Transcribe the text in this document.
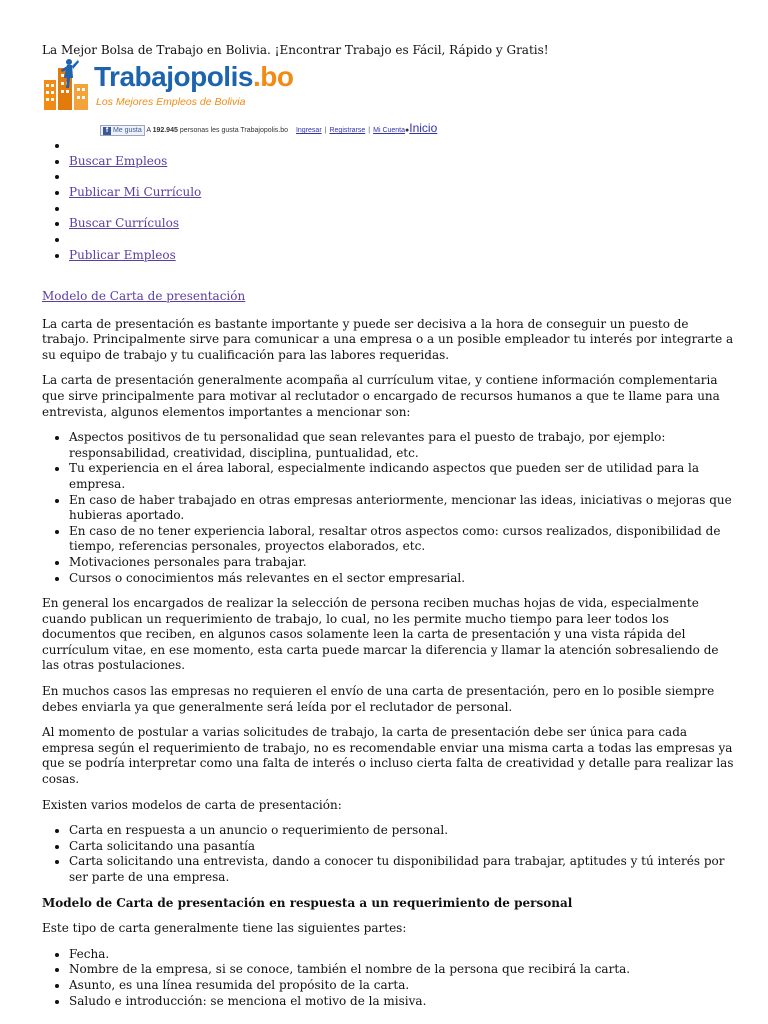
La Mejor Bolsa de Trabajo en Bolivia. ¡Encontrar Trabajo es Fácil, Rápido y Gratis!
Trabajopolis.bo
Los Mejores Empleos de Bolivia
f Me gusta A 192.945 personas les gusta Trabajopolis.bo Ingresar | Registrarse | Mi Cuenta●Inicio
•
• Buscar Empleos
•
• Publicar Mi Currículo
•
• Buscar Currículos
•
• Publicar Empleos
Modelo de Carta de presentación

La carta de presentación es bastante importante y puede ser decisiva a la hora de conseguir un puesto de trabajo. Principalmente sirve para comunicar a una empresa o a un posible empleador tu interés por integrarte a su equipo de trabajo y tu cualificación para las labores requeridas.

La carta de presentación generalmente acompaña al currículum vitae, y contiene información complementaria que sirve principalmente para motivar al reclutador o encargado de recursos humanos a que te llame para una entrevista, algunos elementos importantes a mencionar son:

• Aspectos positivos de tu personalidad que sean relevantes para el puesto de trabajo, por ejemplo: responsabilidad, creatividad, disciplina, puntualidad, etc.
• Tu experiencia en el área laboral, especialmente indicando aspectos que pueden ser de utilidad para la empresa.
• En caso de haber trabajado en otras empresas anteriormente, mencionar las ideas, iniciativas o mejoras que hubieras aportado.
• En caso de no tener experiencia laboral, resaltar otros aspectos como: cursos realizados, disponibilidad de tiempo, referencias personales, proyectos elaborados, etc.
• Motivaciones personales para trabajar.
• Cursos o conocimientos más relevantes en el sector empresarial.

En general los encargados de realizar la selección de persona reciben muchas hojas de vida, especialmente cuando publican un requerimiento de trabajo, lo cual, no les permite mucho tiempo para leer todos los documentos que reciben, en algunos casos solamente leen la carta de presentación y una vista rápida del currículum vitae, en ese momento, esta carta puede marcar la diferencia y llamar la atención sobresaliendo de las otras postulaciones.

En muchos casos las empresas no requieren el envío de una carta de presentación, pero en lo posible siempre debes enviarla ya que generalmente será leída por el reclutador de personal.

Al momento de postular a varias solicitudes de trabajo, la carta de presentación debe ser única para cada empresa según el requerimiento de trabajo, no es recomendable enviar una misma carta a todas las empresas ya que se podría interpretar como una falta de interés o incluso cierta falta de creatividad y detalle para realizar las cosas.

Existen varios modelos de carta de presentación:

• Carta en respuesta a un anuncio o requerimiento de personal.
• Carta solicitando una pasantía
• Carta solicitando una entrevista, dando a conocer tu disponibilidad para trabajar, aptitudes y tú interés por ser parte de una empresa.

Modelo de Carta de presentación en respuesta a un requerimiento de personal

Este tipo de carta generalmente tiene las siguientes partes:

• Fecha.
• Nombre de la empresa, si se conoce, también el nombre de la persona que recibirá la carta.
• Asunto, es una línea resumida del propósito de la carta.
• Saludo e introducción: se menciona el motivo de la misiva.
